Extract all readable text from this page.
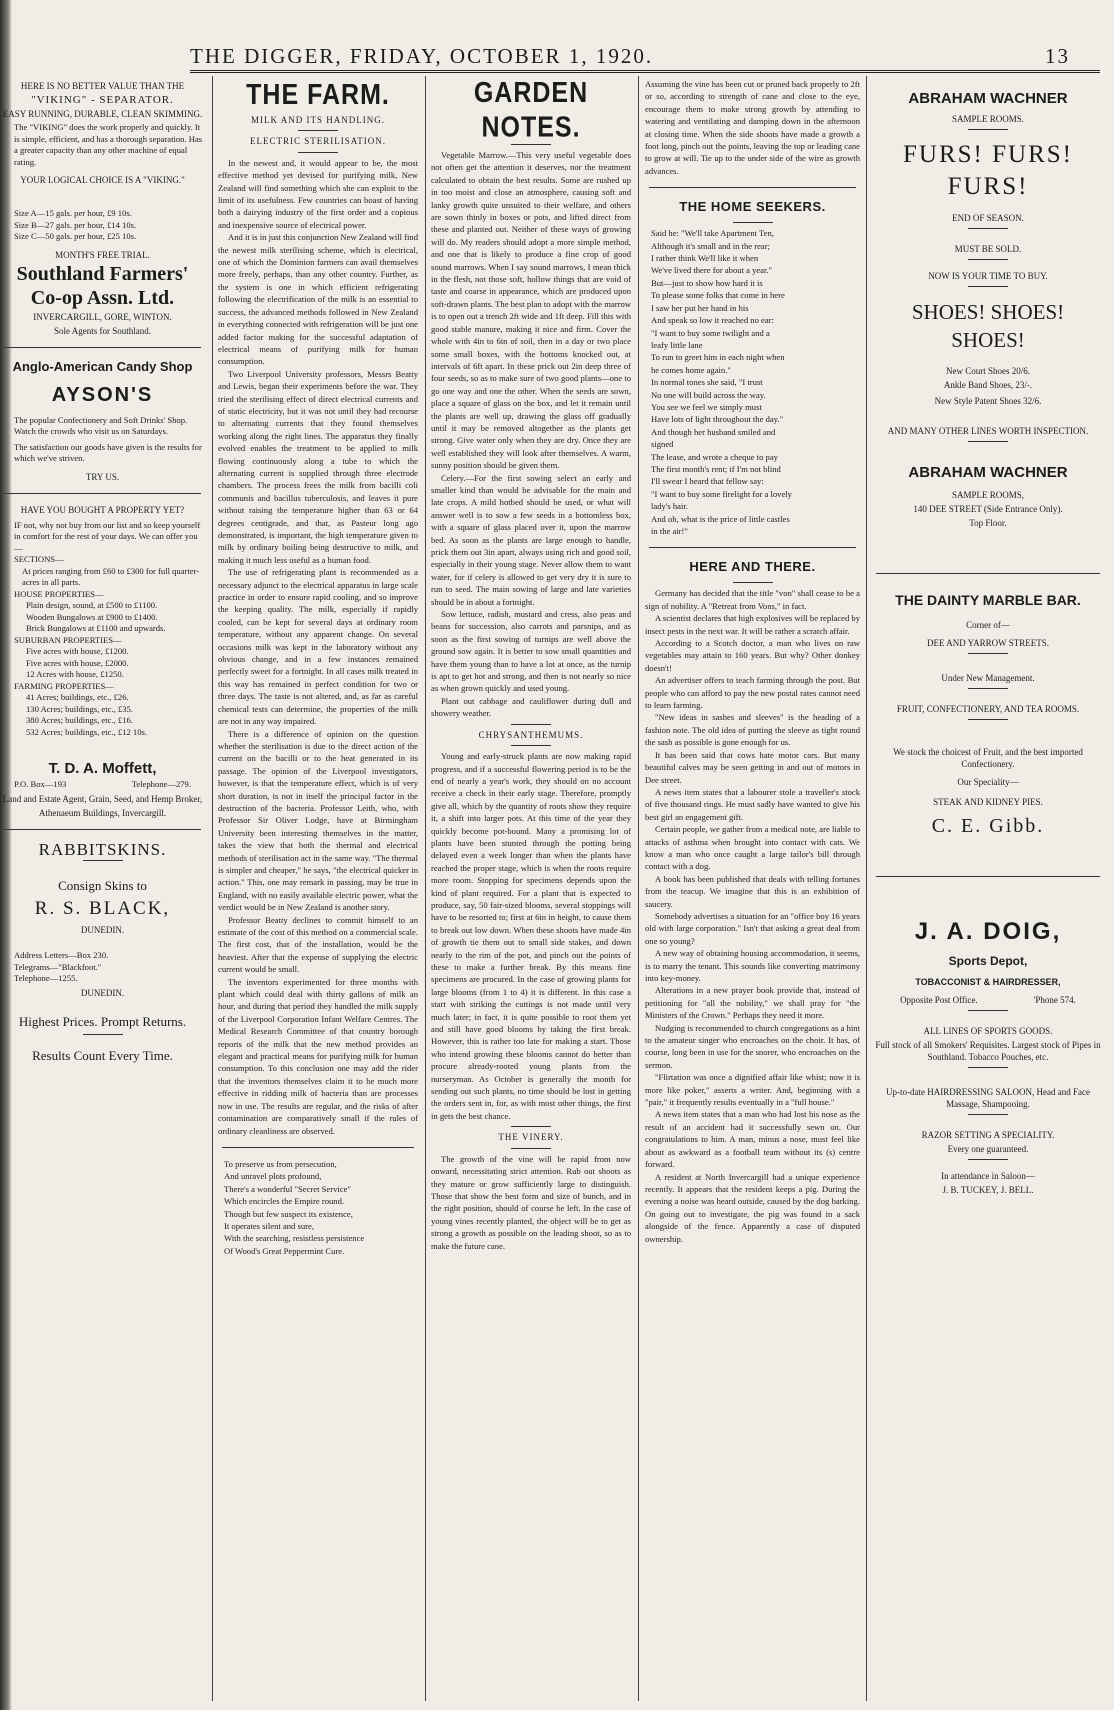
THE DIGGER, FRIDAY, OCTOBER 1, 1920.	13
HERE IS NO BETTER VALUE THAN THE
"VIKING" - SEPARATOR.
EASY RUNNING, DURABLE, CLEAN SKIMMING.
The "VIKING" does the work properly and quickly. It is simple, efficient, and has a thorough separation. Has a greater capacity than any other machine of equal rating.
YOUR LOGICAL CHOICE IS A "VIKING."
Size A—15 gals. per hour, £9 10s.
Size B—27 gals. per hour, £14 10s.
Size C—50 gals. per hour, £25 10s.
MONTH'S FREE TRIAL.
Southland Farmers'
Co-op Assn. Ltd.
INVERCARGILL, GORE, WINTON.
Sole Agents for Southland.
Anglo-American Candy Shop
AYSON'S
The popular Confectionery and Soft Drinks' Shop. Watch the crowds who visit us on Saturdays.
The satisfaction our goods have given is the results for which we've striven.
TRY US.
HAVE YOU BOUGHT A PROPERTY YET?
IF not, why not buy from our list and so keep yourself in comfort for the rest of your days. We can offer you—
SECTIONS—
At prices ranging from £60 to £300 for full quarter-acres in all parts.
HOUSE PROPERTIES—
Plain design, sound, at £500 to £1100.
Wooden Bungalows at £900 to £1400.
Brick Bungalows at £1100 and upwards.
SUBURBAN PROPERTIES—
Five acres with house, £1200.
Five acres with house, £2000.
12 Acres with house, £1250.
FARMING PROPERTIES—
41 Acres; buildings, etc., £26.
130 Acres; buildings, etc., £35.
380 Acres; buildings, etc., £16.
532 Acres; buildings, etc., £12 10s.
T. D. A. Moffett,
P.O. Box—193	Telephone—279.
Land and Estate Agent, Grain, Seed, and Hemp Broker,
Athenaeum Buildings, Invercargill.
RABBITSKINS.
Consign Skins to
R. S. BLACK,
DUNEDIN.
Address Letters—Box 230.
Telegrams—"Blackfoot."
Telephone—1255.
DUNEDIN.
Highest Prices. Prompt Returns.
Results Count Every Time.
THE FARM.
MILK AND ITS HANDLING.
ELECTRIC STERILISATION.

In the newest and, it would appear to be, the most effective method yet devised for purifying milk, New Zealand will find something which she can exploit to the limit of its usefulness. Few countries can boast of having both a dairying industry of the first order and a copious and inexpensive source of electrical power.

And it is in just this conjunction New Zealand will find the newest milk sterilising scheme, which is electrical, one of which the Dominion farmers can avail themselves more freely, perhaps, than any other country. Further, as the system is one in which efficient refrigerating following the electrification of the milk is an essential to success, the advanced methods followed in New Zealand in everything connected with refrigeration will be just one added factor making for the successful adaptation of electrical means of purifying milk for human consumption.

Two Liverpool University professors, Messrs Beatty and Lewis, began their experiments before the war. They tried the sterilising effect of direct electrical currents and of static electricity, but it was not until they had recourse to alternating currents that they found themselves working along the right lines. The apparatus they finally evolved enables the treatment to be applied to milk flowing continuously along a tube to which the alternating current is supplied through three electrode chambers. The process frees the milk from bacilli coli communis and bacillus tuberculosis, and leaves it pure without raising the temperature higher than 63 or 64 degrees centigrade, and that, as Pasteur long ago demonstrated, is important, the high temperature given to milk by ordinary boiling being destructive to milk, and making it much less useful as a human food.

The use of refrigerating plant is recommended as a necessary adjunct to the electrical apparatus in large scale practice in order to ensure rapid cooling, and so improve the keeping quality. The milk, especially if rapidly cooled, can be kept for several days at ordinary room temperature, without any apparent change. On several occasions milk was kept in the laboratory without any obvious change, and in a few instances remained perfectly sweet for a fortnight. In all cases milk treated in this way has remained in perfect condition for two or three days. The taste is not altered, and, as far as careful chemical tests can determine, the properties of the milk are not in any way impaired.

There is a difference of opinion on the question whether the sterilisation is due to the direct action of the current on the bacilli or to the heat generated in its passage. The opinion of the Liverpool investigators, however, is that the temperature effect, which is of very short duration, is not in itself the principal factor in the destruction of the bacteria. Professor Leith, who, with Professor Sir Oliver Lodge, have at Birmingham University been interesting themselves in the matter, takes the view that both the thermal and electrical methods of sterilisation act in the same way. "The thermal is simpler and cheaper," he says, "the electrical quicker in action." This, one may remark in passing, may be true in England, with no easily available electric power, what the verdict would be in New Zealand is another story.

Professor Beatty declines to commit himself to an estimate of the cost of this method on a commercial scale. The first cost, that of the installation, would be the heaviest. After that the expense of supplying the electric current would be small.

The inventors experimented for three months with plant which could deal with thirty gallons of milk an hour, and during that period they handled the milk supply of the Liverpool Corporation Infant Welfare Centres. The Medical Research Committee of that country borough reports of the milk that the new method provides an elegant and practical means for purifying milk for human consumption. To this conclusion one may add the rider that the inventors themselves claim it to be much more effective in ridding milk of bacteria than are processes now in use. The results are regular, and the risks of after contamination are comparatively small if the rules of ordinary cleanliness are observed.

To preserve us from persecution,

And unravel plots profound,

There's a wonderful "Secret Service"

Which encircles the Empire round.

Though but few suspect its existence,

It operates silent and sure,

With the searching, resistless persistence

Of Wood's Great Peppermint Cure.

GARDEN NOTES.

Vegetable Marrow.—This very useful vegetable does not often get the attention it deserves, nor the treatment calculated to obtain the best results. Some are rushed up in too moist and close an atmosphere, causing soft and lanky growth quite unsuited to their welfare, and others are sown thinly in boxes or pots, and lifted direct from these and planted out. Neither of these ways of growing will do. My readers should adopt a more simple method, and one that is likely to produce a fine crop of good sound marrows. When I say sound marrows, I mean thick in the flesh, not those soft, hollow things that are void of taste and coarse in appearance, which are produced upon soft-drawn plants. The best plan to adopt with the marrow is to open out a trench 2ft wide and 1ft deep. Fill this with good stable manure, making it nice and firm. Cover the whole with 4in to 6in of soil, then in a day or two place some small boxes, with the bottoms knocked out, at intervals of 6ft apart. In these prick out 2in deep three of four seeds, so as to make sure of two good plants—one to go one way and one the other. When the seeds are sown, place a square of glass on the box, and let it remain until the plants are well up, drawing the glass off gradually until it may be removed altogether as the plants get strong. Give water only when they are dry. Once they are well established they will look after themselves. A warm, sunny position should be given them.

Celery.—For the first sowing select an early and smaller kind than would be advisable for the main and late crops. A mild hotbed should be used, or what will answer well is to sow a few seeds in a bottomless box, with a square of glass placed over it, upon the marrow bed. As soon as the plants are large enough to handle, prick them out 3in apart, always using rich and good soil, especially in their young stage. Never allow them to want water, for if celery is allowed to get very dry it is sure to run to seed. The main sowing of large and late varieties should be in about a fortnight.

Sow lettuce, radish, mustard and cress, also peas and beans for succession, also carrots and parsnips, and as soon as the first sowing of turnips are well above the ground sow again. It is better to sow small quantities and have them young than to have a lot at once, as the turnip is apt to get hot and strong, and then is not nearly so nice as when grown quickly and used young.

Plant out cabbage and cauliflower during dull and showery weather.

CHRYSANTHEMUMS.

Young and early-struck plants are now making rapid progress, and if a successful flowering period is to be the end of nearly a year's work, they should on no account receive a check in their early stage. Therefore, promptly give all, which by the quantity of roots show they require it, a shift into larger pots. At this time of the year they quickly become pot-bound. Many a promising lot of plants have been stunted through the potting being delayed even a week longer than when the plants have reached the proper stage, which is when the roots require more room. Stopping for specimens depends upon the kind of plant required. For a plant that is expected to produce, say, 50 fair-sized blooms, several stoppings will have to be resorted to; first at 6in in height, to cause them to break out low down. When these shoots have made 4in of growth tie them out to small side stakes, and down nearly to the rim of the pot, and pinch out the points of these to make a further break. By this means fine specimens are procured. In the case of growing plants for large blooms (from 1 to 4) it is different. In this case a start with striking the cuttings is not made until very much later; in fact, it is quite possible to root them yet and still have good blooms by taking the first break. However, this is rather too late for making a start. Those who intend growing these blooms cannot do better than procure already-rooted young plants from the nurseryman. As October is generally the month for sending out such plants, no time should be lost in getting the orders sent in, for, as with most other things, the first in gets the best chance.

THE VINERY.

The growth of the vine will be rapid from now onward, necessitating strict attention. Rub out shoots as they mature or grow sufficiently large to distinguish. Those that show the best form and size of bunch, and in the right position, should of course be left. In the case of young vines recently planted, the object will be to get as strong a growth as possible on the leading shoot, so as to make the future cane.

Assuming the vine has been cut or pruned back properly to 2ft or so, according to strength of cane and close to the eye, encourage them to make strong growth by attending to watering and ventilating and damping down in the afternoon at closing time. When the side shoots have made a growth a foot long, pinch out the points, leaving the top or leading cane to grow at will. Tie up to the under side of the wire as growth advances.

THE HOME SEEKERS.

Said he: "We'll take Apartment Ten,

Although it's small and in the rear;

I rather think We'll like it when

We've lived there for about a year."

But—just to show how hard it is

To please some folks that come in here

I saw her put her hand in his

And speak so low it reached no ear:

"I want to buy some twilight and a

leafy little lane

To run to greet him in each night when

he comes home again."

In normal tones she said, "I trust

No one will build across the way.

You see we feel we simply must

Have lots of light throughout the day."

And though her husband smiled and

signed

The lease, and wrote a cheque to pay

The first month's rent; if I'm not blind

I'll swear I heard that fellow say:

"I want to buy some firelight for a lovely

lady's hair.

And oh, what is the price of little castles

in the air!"

HERE AND THERE.

Germany has decided that the title "von" shall cease to be a sign of nobility. A "Retreat from Vons," in fact.

A scientist declares that high explosives will be replaced by insect pests in the next war. It will be rather a scratch affair.

According to a Scotch doctor, a man who lives on raw vegetables may attain to 160 years. But why? Other donkey doesn't!

An advertiser offers to teach farming through the post. But people who can afford to pay the new postal rates cannot need to learn farming.

"New ideas in sashes and sleeves" is the heading of a fashion note. The old idea of putting the sleeve as tight round the sash as possible is gone enough for us.

It has been said that cows hate motor cars. But many beautiful calves may be seen getting in and out of motors in Dee street.

A news item states that a labourer stole a traveller's stock of five thousand rings. He must sadly have wanted to give his best girl an engagement gift.

Certain people, we gather from a medical note, are liable to attacks of asthma when brought into contact with cats. We know a man who once caught a large tailor's bill through contact with a dog.

A book has been published that deals with telling fortunes from the teacup. We imagine that this is an exhibition of saucery.

Somebody advertises a situation for an "office boy 16 years old with large corporation." Isn't that asking a great deal from one so young?

A new way of obtaining housing accommodation, it seems, is to marry the tenant. This sounds like converting matrimony into key-money.

Alterations in a new prayer book provide that, instead of petitioning for "all the nobility," we shall pray for "the Ministers of the Crown." Perhaps they need it more.

Nudging is recommended to church congregations as a hint to the amateur singer who encroaches on the choir. It has, of course, long been in use for the snorer, who encroaches on the sermon.

"Flirtation was once a dignified affair like whist; now it is more like poker," asserts a writer. And, beginning with a "pair," it frequently results eventually in a "full house."

A news item states that a man who had lost his nose as the result of an accident had it successfully sewn on. Our congratulations to him. A man, minus a nose, must feel like about as awkward as a football team without its (s) centre forward.

A resident at North Invercargill had a unique experience recently. It appears that the resident keeps a pig. During the evening a noise was heard outside, caused by the dog barking. On going out to investigate, the pig was found in a sack alongside of the fence. Apparently a case of disputed ownership.

ABRAHAM WACHNER
SAMPLE ROOMS.
FURS! FURS!
FURS!
END OF SEASON.
MUST BE SOLD.
NOW IS YOUR TIME TO BUY.
SHOES! SHOES!
SHOES!
New Court Shoes 20/6.
Ankle Band Shoes, 23/-.
New Style Patent Shoes 32/6.
AND MANY OTHER LINES WORTH INSPECTION.
ABRAHAM WACHNER
SAMPLE ROOMS,
140 DEE STREET (Side Entrance Only).
Top Floor.
THE DAINTY MARBLE BAR.
Corner of—
DEE AND YARROW STREETS.
Under New Management.
FRUIT, CONFECTIONERY, AND TEA ROOMS.
We stock the choicest of Fruit, and the best imported Confectionery.
Our Speciality—
STEAK AND KIDNEY PIES.
C. E. Gibb.
J. A. DOIG,
Sports Depot,
TOBACCONIST & HAIRDRESSER,
Opposite Post Office.	'Phone 574.
ALL LINES OF SPORTS GOODS.
Full stock of all Smokers' Requisites. Largest stock of Pipes in Southland. Tobacco Pouches, etc.
Up-to-date HAIRDRESSING SALOON, Head and Face Massage, Shampooing.
RAZOR SETTING A SPECIALITY.
Every one guaranteed.
In attendance in Saloon—
J. B. TUCKEY, J. BELL.
